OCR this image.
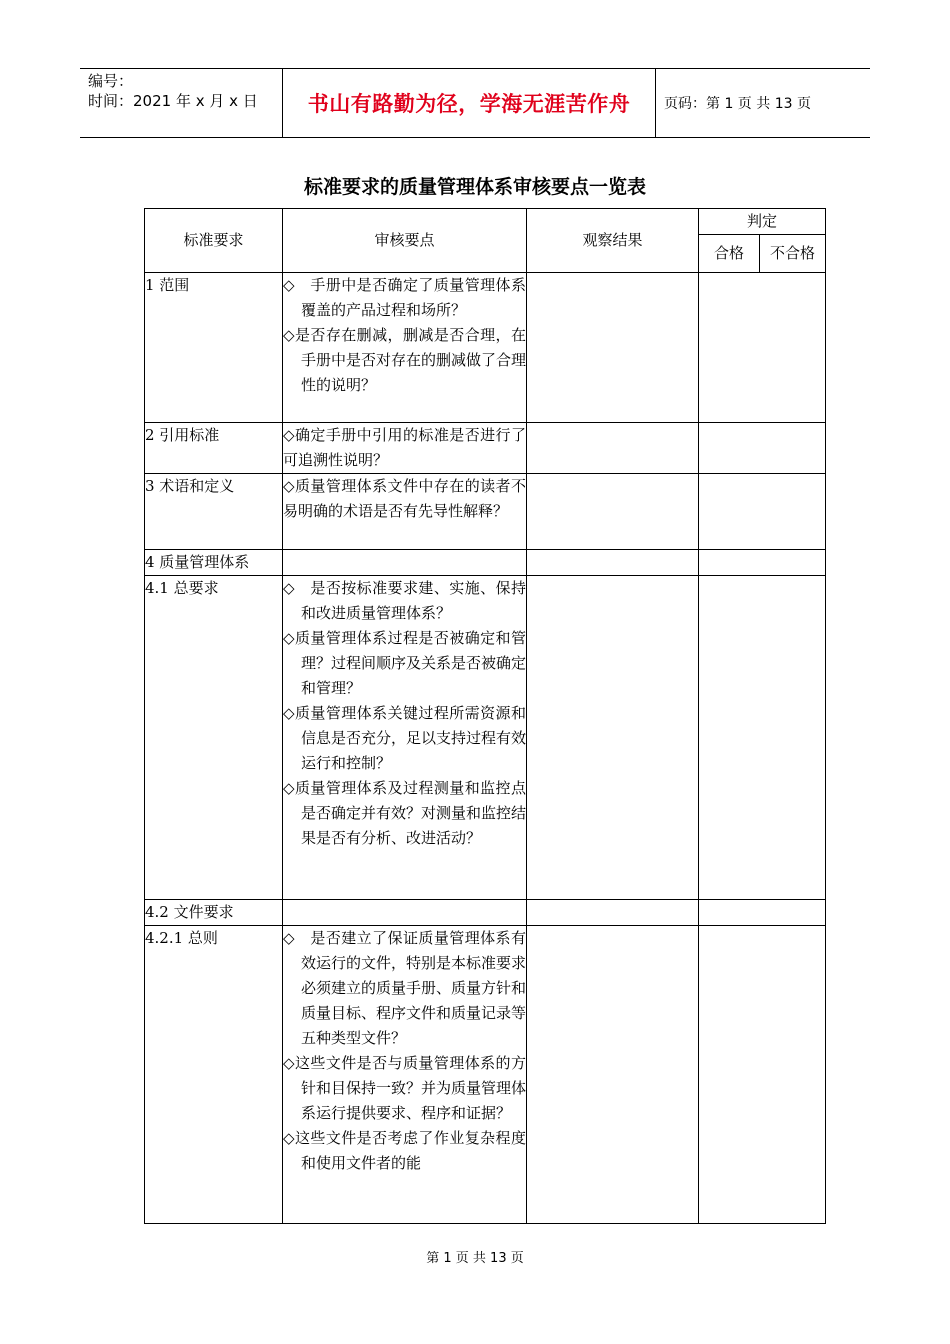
编号：
时间：2021 年 x 月 x 日	书山有路勤为径，学海无涯苦作舟	页码：第 1 页 共 13 页
标准要求的质量管理体系审核要点一览表
标准要求	审核要点	观察结果	判定	
			合格	不合格
1 范围	◇　手册中是否确定了质量管理体系覆盖的产品过程和场所？
◇是否存在删减，删减是否合理，在手册中是否对存在的删减做了合理性的说明？			

2 引用标准	◇确定手册中引用的标准是否进行了可追溯性说明？			

3 术语和定义	◇质量管理体系文件中存在的读者不易明确的术语是否有先导性解释？			

4 质量管理体系				
4.1 总要求	◇　是否按标准要求建、实施、保持和改进质量管理体系？
◇质量管理体系过程是否被确定和管理？过程间顺序及关系是否被确定和管理？
◇质量管理体系关键过程所需资源和信息是否充分，足以支持过程有效运行和控制？
◇质量管理体系及过程测量和监控点是否确定并有效？对测量和监控结果是否有分析、改进活动？			

4.2 文件要求				
4.2.1 总则	◇　是否建立了保证质量管理体系有效运行的文件，特别是本标准要求必须建立的质量手册、质量方针和质量目标、程序文件和质量记录等五种类型文件？
◇这些文件是否与质量管理体系的方针和目保持一致？并为质量管理体系运行提供要求、程序和证据？
◇这些文件是否考虑了作业复杂程度和使用文件者的能			

第 1 页 共 13 页
